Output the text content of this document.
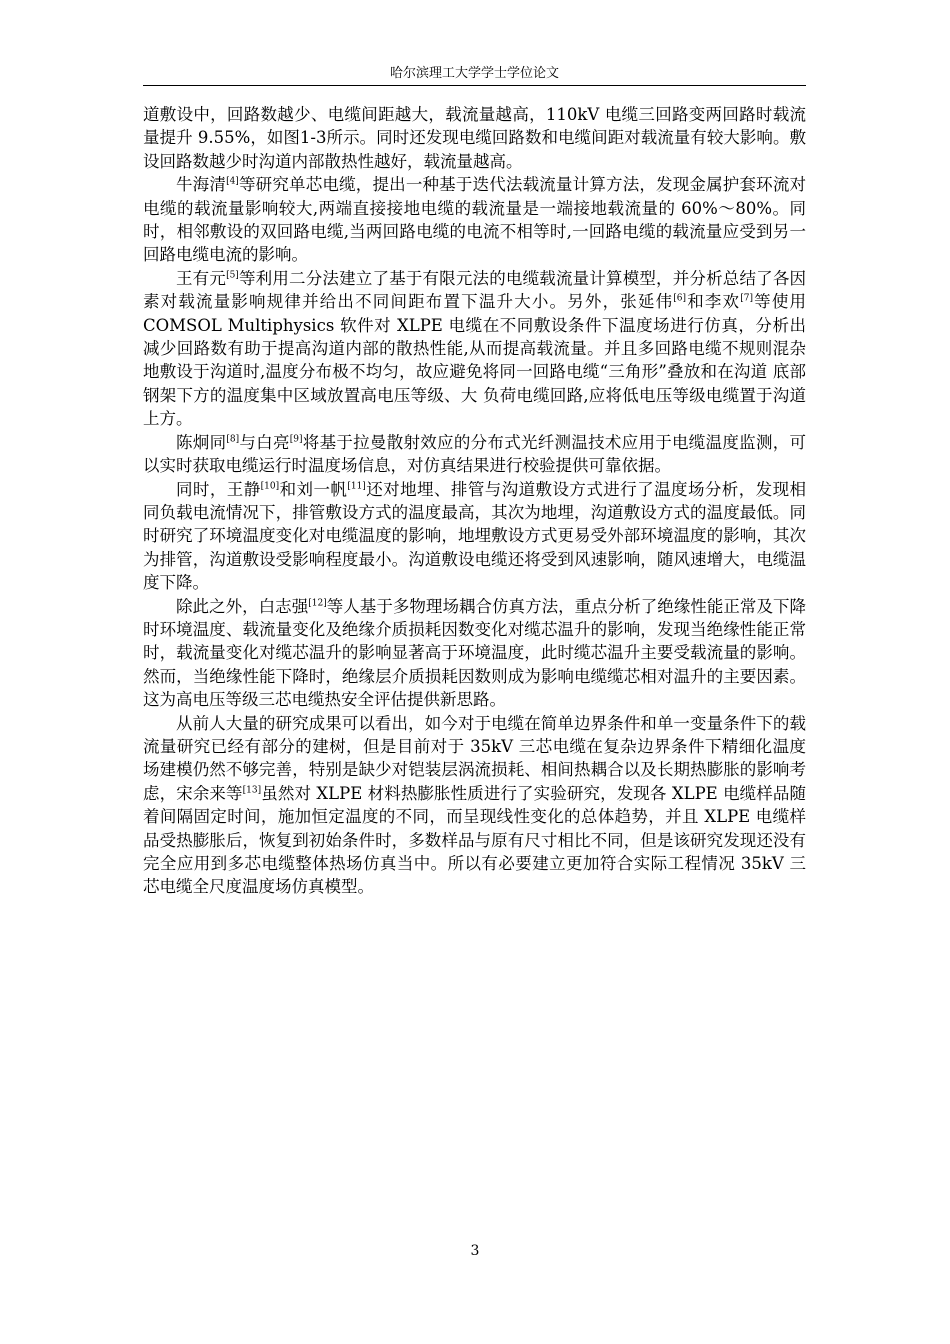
哈尔滨理工大学学士学位论文

道敷设中，回路数越少、电缆间距越大，载流量越高，110kV 电缆三回路变两回路时载流量提升 9.55%，如图1-3所示。同时还发现电缆回路数和电缆间距对载流量有较大影响。敷设回路数越少时沟道内部散热性越好，载流量越高。

牛海清[4]等研究单芯电缆，提出一种基于迭代法载流量计算方法，发现金属护套环流对电缆的载流量影响较大,两端直接接地电缆的载流量是一端接地载流量的 60%～80%。同时，相邻敷设的双回路电缆,当两回路电缆的电流不相等时,一回路电缆的载流量应受到另一回路电缆电流的影响。

王有元[5]等利用二分法建立了基于有限元法的电缆载流量计算模型，并分析总结了各因素对载流量影响规律并给出不同间距布置下温升大小。另外，张延伟[6]和李欢[7]等使用 COMSOL Multiphysics 软件对 XLPE 电缆在不同敷设条件下温度场进行仿真，分析出减少回路数有助于提高沟道内部的散热性能,从而提高载流量。并且多回路电缆不规则混杂地敷设于沟道时,温度分布极不均匀，故应避免将同一回路电缆“三角形”叠放和在沟道 底部钢架下方的温度集中区域放置高电压等级、大 负荷电缆回路,应将低电压等级电缆置于沟道上方。

陈炯同[8]与白亮[9]将基于拉曼散射效应的分布式光纤测温技术应用于电缆温度监测，可以实时获取电缆运行时温度场信息，对仿真结果进行校验提供可靠依据。

同时，王静[10]和刘一帆[11]还对地埋、排管与沟道敷设方式进行了温度场分析，发现相同负载电流情况下，排管敷设方式的温度最高，其次为地埋，沟道敷设方式的温度最低。同时研究了环境温度变化对电缆温度的影响，地埋敷设方式更易受外部环境温度的影响，其次为排管，沟道敷设受影响程度最小。沟道敷设电缆还将受到风速影响，随风速增大，电缆温度下降。

除此之外，白志强[12]等人基于多物理场耦合仿真方法，重点分析了绝缘性能正常及下降时环境温度、载流量变化及绝缘介质损耗因数变化对缆芯温升的影响，发现当绝缘性能正常时，载流量变化对缆芯温升的影响显著高于环境温度，此时缆芯温升主要受载流量的影响。然而，当绝缘性能下降时，绝缘层介质损耗因数则成为影响电缆缆芯相对温升的主要因素。这为高电压等级三芯电缆热安全评估提供新思路。

从前人大量的研究成果可以看出，如今对于电缆在简单边界条件和单一变量条件下的载流量研究已经有部分的建树，但是目前对于 35kV 三芯电缆在复杂边界条件下精细化温度场建模仍然不够完善，特别是缺少对铠装层涡流损耗、相间热耦合以及长期热膨胀的影响考虑，宋余来等[13]虽然对 XLPE 材料热膨胀性质进行了实验研究，发现各 XLPE 电缆样品随着间隔固定时间，施加恒定温度的不同，而呈现线性变化的总体趋势，并且 XLPE 电缆样品受热膨胀后，恢复到初始条件时，多数样品与原有尺寸相比不同，但是该研究发现还没有完全应用到多芯电缆整体热场仿真当中。所以有必要建立更加符合实际工程情况 35kV 三芯电缆全尺度温度场仿真模型。

3
